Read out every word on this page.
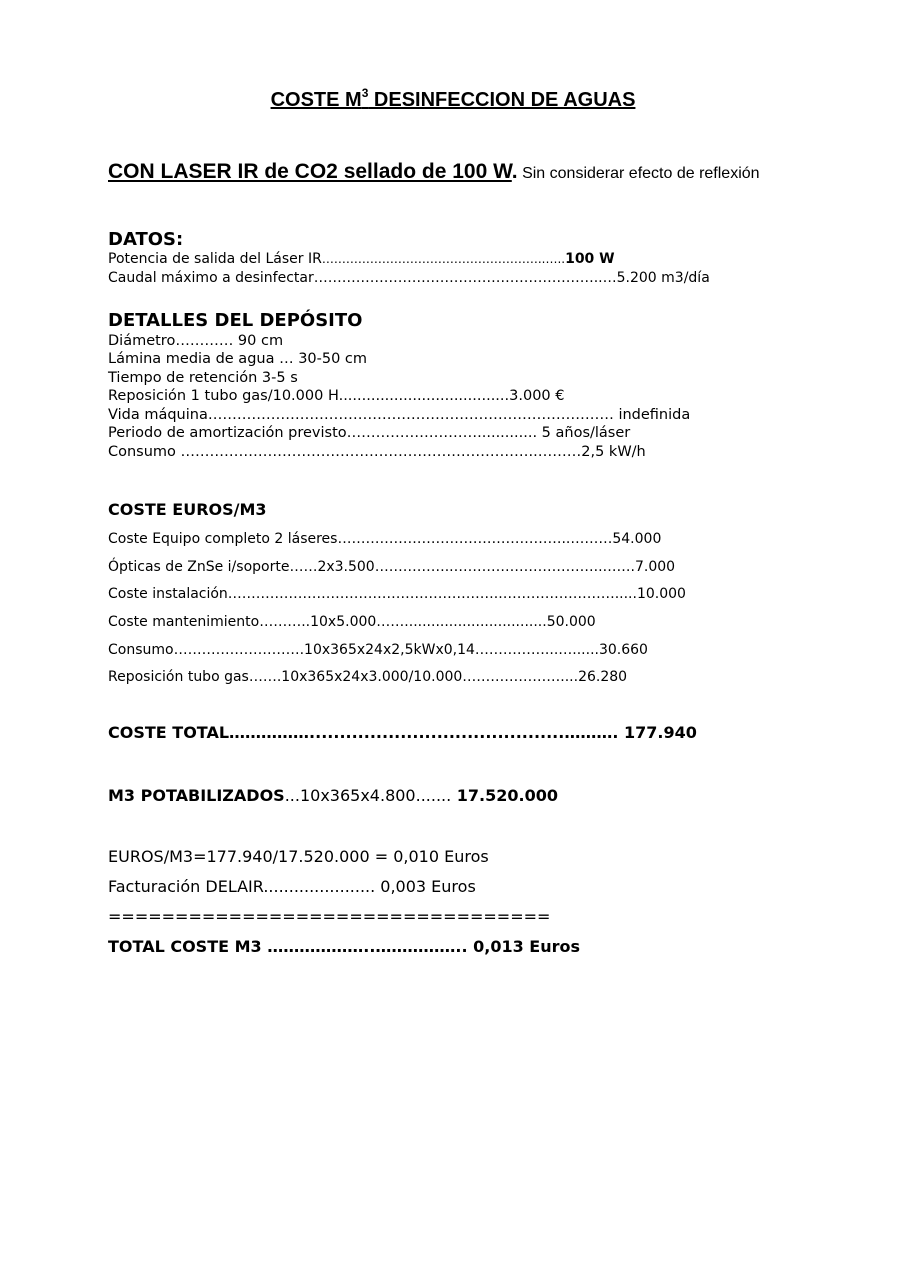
COSTE $M^3$ DESINFECCION DE AGUAS
CON LASER IR de CO2 sellado de 100 W. Sin considerar efecto de reflexión
DATOS:
Potencia de salida del Láser IR………………………………………………..…..100 W
Caudal máximo a desinfectar……………………………………………………..…5.200 m3/día
DETALLES DEL DEPÓSITO
Diámetro………… 90 cm
Lámina media de agua … 30-50 cm
Tiempo de retención 3-5 s
Reposición 1 tubo gas/10.000 H.....................................3.000 €
Vida máquina………………………………………………………………………… indefinida
Periodo de amortización previsto………………………............. 5 años/láser
Consumo ………………………………………………………………..………2,5 kW/h
COSTE EUROS/M3
Coste Equipo completo 2 láseres…………………………………………..………54.000
Ópticas de ZnSe i/soporte……2x3.500……………..…………………………..…….7.000
Coste instalación…………………………………………………..…………………….....10.000
Coste mantenimiento………..10x5.000……................................50.000
Consumo……………………….10x365x24x2,5kWx0,14……………...…......30.660
Reposición tubo gas…….10x365x24x3.000/10.000…………………....26.280
COSTE TOTAL……………..........................................………. 177.940
M3 POTABILIZADOS...10x365x4.800....... 17.520.000
EUROS/M3=177.940/17.520.000 = 0,010 Euros
Facturación DELAIR...................... 0,003 Euros
=================================
TOTAL COSTE M3 ………………..…………….. 0,013 Euros
